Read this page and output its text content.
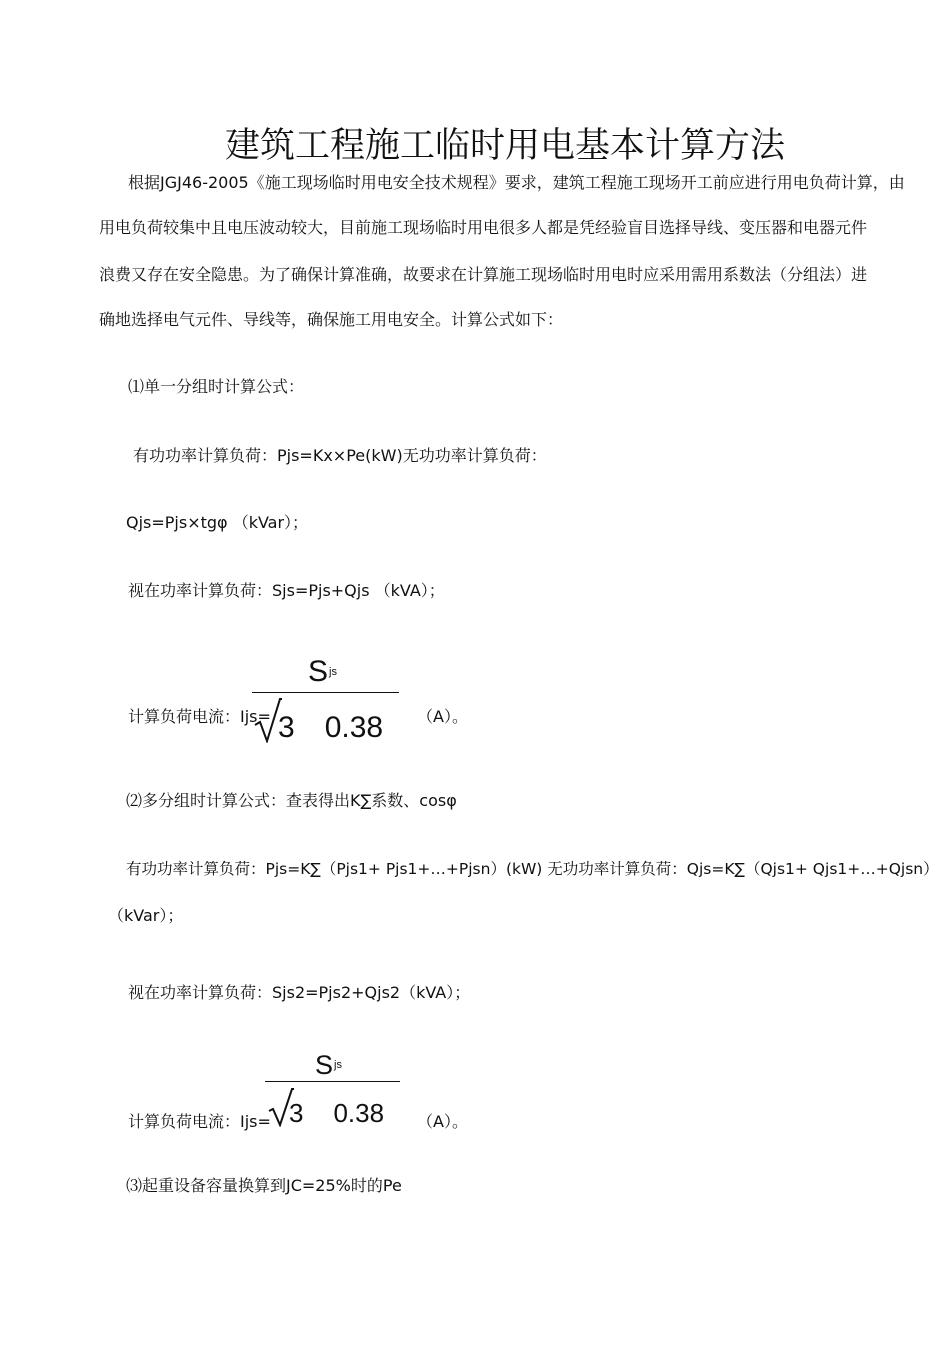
建筑工程施工临时用电基本计算方法
根据JGJ46-2005《施工现场临时用电安全技术规程》要求，建筑工程施工现场开工前应进行用电负荷计算，由
用电负荷较集中且电压波动较大，目前施工现场临时用电很多人都是凭经验盲目选择导线、变压器和电器元件
浪费又存在安全隐患。为了确保计算准确，故要求在计算施工现场临时用电时应采用需用系数法（分组法）进
确地选择电气元件、导线等，确保施工用电安全。计算公式如下：
⑴单一分组时计算公式：
有功功率计算负荷：Pjs=Kx×Pe(kW)无功功率计算负荷：
Qjs=Pjs×tgφ （kVar）；
视在功率计算负荷：Sjs=Pjs+Qjs （kVA）；
计算负荷电流：Ijs=
$S^{js}$
3 0.38 （A）。
⑵多分组时计算公式：查表得出K∑系数、cosφ
有功功率计算负荷：Pjs=K∑（Pjs1+ Pjs1+…+Pjsn）(kW) 无功功率计算负荷：Qjs=K∑（Qjs1+ Qjs1+…+Qjsn）
（kVar）；
视在功率计算负荷：Sjs2=Pjs2+Qjs2（kVA）；
计算负荷电流：Ijs=
$S^{js}$
3 0.38 （A）。
⑶起重设备容量换算到JC=25%时的Pe
